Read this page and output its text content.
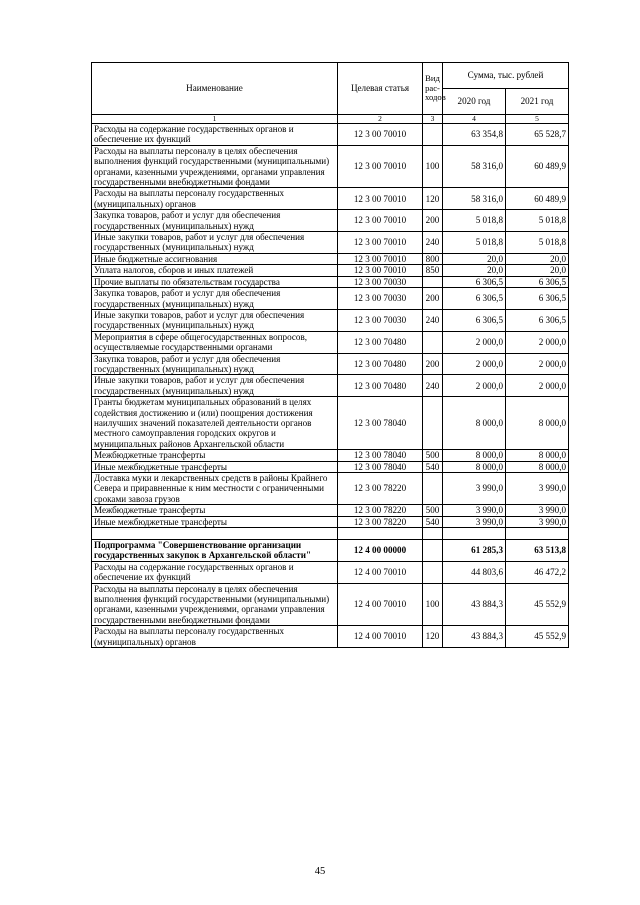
Наименование	Целевая статья	Вид рас-ходов	Сумма, тыс. рублей	
			2020 год	2021 год
1	2	3	4	5
Расходы на содержание государственных органов и обеспечение их функций	12 3 00 70010		63 354,8	65 528,7
Расходы на выплаты персоналу в целях обеспечения выполнения функций государственными (муниципальными) органами, казенными учреждениями, органами управления государственными внебюджетными фондами	12 3 00 70010	100	58 316,0	60 489,9
Расходы на выплаты персоналу государственных (муниципальных) органов	12 3 00 70010	120	58 316,0	60 489,9
Закупка товаров, работ и услуг для обеспечения государственных (муниципальных) нужд	12 3 00 70010	200	5 018,8	5 018,8
Иные закупки товаров, работ и услуг для обеспечения государственных (муниципальных) нужд	12 3 00 70010	240	5 018,8	5 018,8
Иные бюджетные ассигнования	12 3 00 70010	800	20,0	20,0
Уплата налогов, сборов и иных платежей	12 3 00 70010	850	20,0	20,0
Прочие выплаты по обязательствам государства	12 3 00 70030		6 306,5	6 306,5
Закупка товаров, работ и услуг для обеспечения государственных (муниципальных) нужд	12 3 00 70030	200	6 306,5	6 306,5
Иные закупки товаров, работ и услуг для обеспечения государственных (муниципальных) нужд	12 3 00 70030	240	6 306,5	6 306,5
Мероприятия в сфере общегосударственных вопросов, осуществляемые государственными органами	12 3 00 70480		2 000,0	2 000,0
Закупка товаров, работ и услуг для обеспечения государственных (муниципальных) нужд	12 3 00 70480	200	2 000,0	2 000,0
Иные закупки товаров, работ и услуг для обеспечения государственных (муниципальных) нужд	12 3 00 70480	240	2 000,0	2 000,0
Гранты бюджетам муниципальных образований в целях содействия достижению и (или) поощрения достижения наилучших значений показателей деятельности органов местного самоуправления городских округов и муниципальных районов Архангельской области	12 3 00 78040		8 000,0	8 000,0
Межбюджетные трансферты	12 3 00 78040	500	8 000,0	8 000,0
Иные межбюджетные трансферты	12 3 00 78040	540	8 000,0	8 000,0
Доставка муки и лекарственных средств в районы Крайнего Севера и приравненные к ним местности с ограниченными сроками завоза грузов	12 3 00 78220		3 990,0	3 990,0
Межбюджетные трансферты	12 3 00 78220	500	3 990,0	3 990,0
Иные межбюджетные трансферты	12 3 00 78220	540	3 990,0	3 990,0

Подпрограмма "Совершенствование организации государственных закупок в Архангельской области"	12 4 00 00000		61 285,3	63 513,8
Расходы на содержание государственных органов и обеспечение их функций	12 4 00 70010		44 803,6	46 472,2
Расходы на выплаты персоналу в целях обеспечения выполнения функций государственными (муниципальными) органами, казенными учреждениями, органами управления государственными внебюджетными фондами	12 4 00 70010	100	43 884,3	45 552,9
Расходы на выплаты персоналу государственных (муниципальных) органов	12 4 00 70010	120	43 884,3	45 552,9
45
